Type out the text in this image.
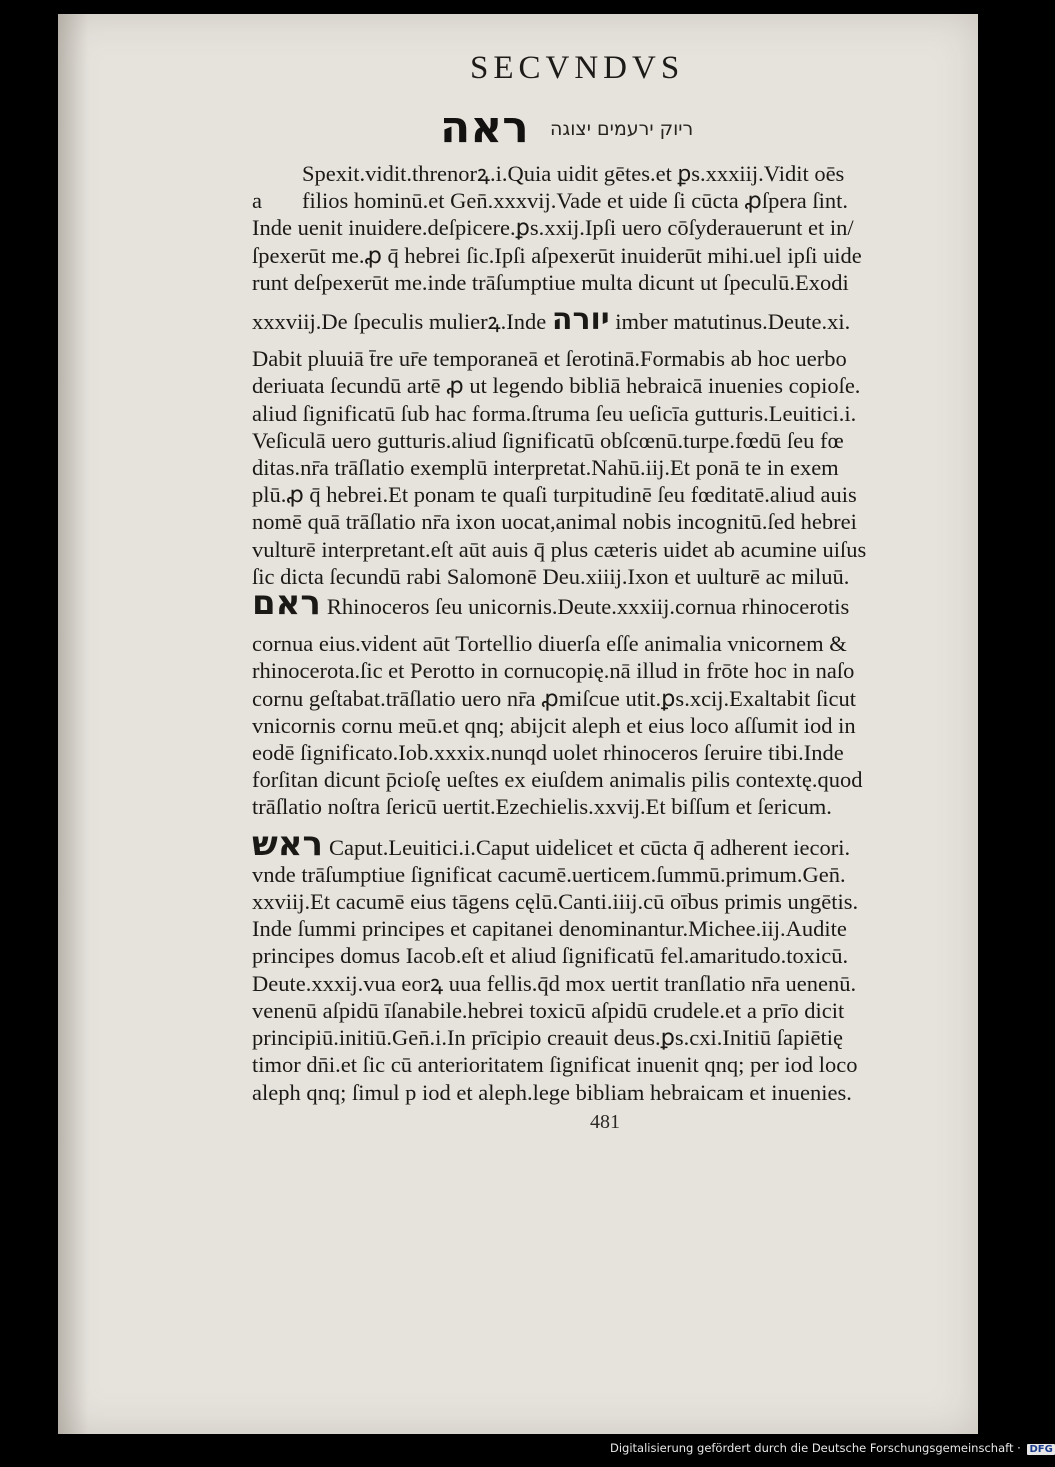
SECVNDVS
ראה ריוק ירעמים יצוגה
Spexit.vidit.threnorꝝ.i.Quia uidit gētes.et ꝑs.xxxiij.Vidit oēs
a filios hominū.et Gen̄.xxxvij.Vade et uide ſi cūcta ꝓſpera ſint.
Inde uenit inuidere.deſpicere.ꝑs.xxij.Ipſi uero cōſyderauerunt et in/
ſpexerūt me.ꝓ q̄ hebrei ſic.Ipſi aſpexerūt inuiderūt mihi.uel ipſi uide
runt deſpexerūt me.inde trāſumptiue multa dicunt ut ſpeculū.Exodi
xxxviij.De ſpeculis mulierꝝ.Inde יורה imber matutinus.Deute.xi.
Dabit pluuiā t̄re ur̄e temporaneā et ſerotinā.Formabis ab hoc uerbo
deriuata ſecundū artē ꝓ ut legendo bibliā hebraicā inuenies copioſe.
aliud ſignificatū ſub hac forma.ſtruma ſeu ueſicīa gutturis.Leuitici.i.
Veſiculā uero gutturis.aliud ſignificatū obſcœnū.turpe.fœdū ſeu fœ
ditas.nr̄a trāſlatio exemplū interpretat.Nahū.iij.Et ponā te in exem
plū.ꝓ q̄ hebrei.Et ponam te quaſi turpitudinē ſeu fœditatē.aliud auis
nomē quā trāſlatio nr̄a ixon uocat,animal nobis incognitū.ſed hebrei
vulturē interpretant.eſt aūt auis q̄ plus cæteris uidet ab acumine uiſus
ſic dicta ſecundū rabi Salomonē Deu.xiiij.Ixon et uulturē ac miluū.
ראם Rhinoceros ſeu unicornis.Deute.xxxiij.cornua rhinocerotis
cornua eius.vident aūt Tortellio diuerſa eſſe animalia vnicornem &
rhinocerota.ſic et Perotto in cornucopię.nā illud in frōte hoc in naſo
cornu geſtabat.trāſlatio uero nr̄a ꝓmiſcue utit.ꝑs.xcij.Exaltabit ſicut
vnicornis cornu meū.et qnq; abijcit aleph et eius loco aſſumit iod in
eodē ſignificato.Iob.xxxix.nunqd uolet rhinoceros ſeruire tibi.Inde
forſitan dicunt p̄cioſę ueſtes ex eiuſdem animalis pilis contextę.quod
trāſlatio noſtra ſericū uertit.Ezechielis.xxvij.Et biſſum et ſericum.
ראש Caput.Leuitici.i.Caput uidelicet et cūcta q̄ adherent iecori.
vnde trāſumptiue ſignificat cacumē.uerticem.ſummū.primum.Gen̄.
xxviij.Et cacumē eius tāgens cęlū.Canti.iiij.cū oībus primis ungētis.
Inde ſummi principes et capitanei denominantur.Michee.iij.Audite
principes domus Iacob.eſt et aliud ſignificatū fel.amaritudo.toxicū.
Deute.xxxij.vua eorꝝ uua fellis.q̄d mox uertit tranſlatio nr̄a uenenū.
venenū aſpidū īſanabile.hebrei toxicū aſpidū crudele.et a prīo dicit
principiū.initiū.Gen̄.i.In prīcipio creauit deus.ꝑs.cxi.Initiū ſapiētię
timor dn̄i.et ſic cū anterioritatem ſignificat inuenit qnq; per iod loco
aleph qnq; ſimul p iod et aleph.lege bibliam hebraicam et inuenies.
481
Digitalisierung gefördert durch die Deutsche Forschungsgemeinschaft · DFG
